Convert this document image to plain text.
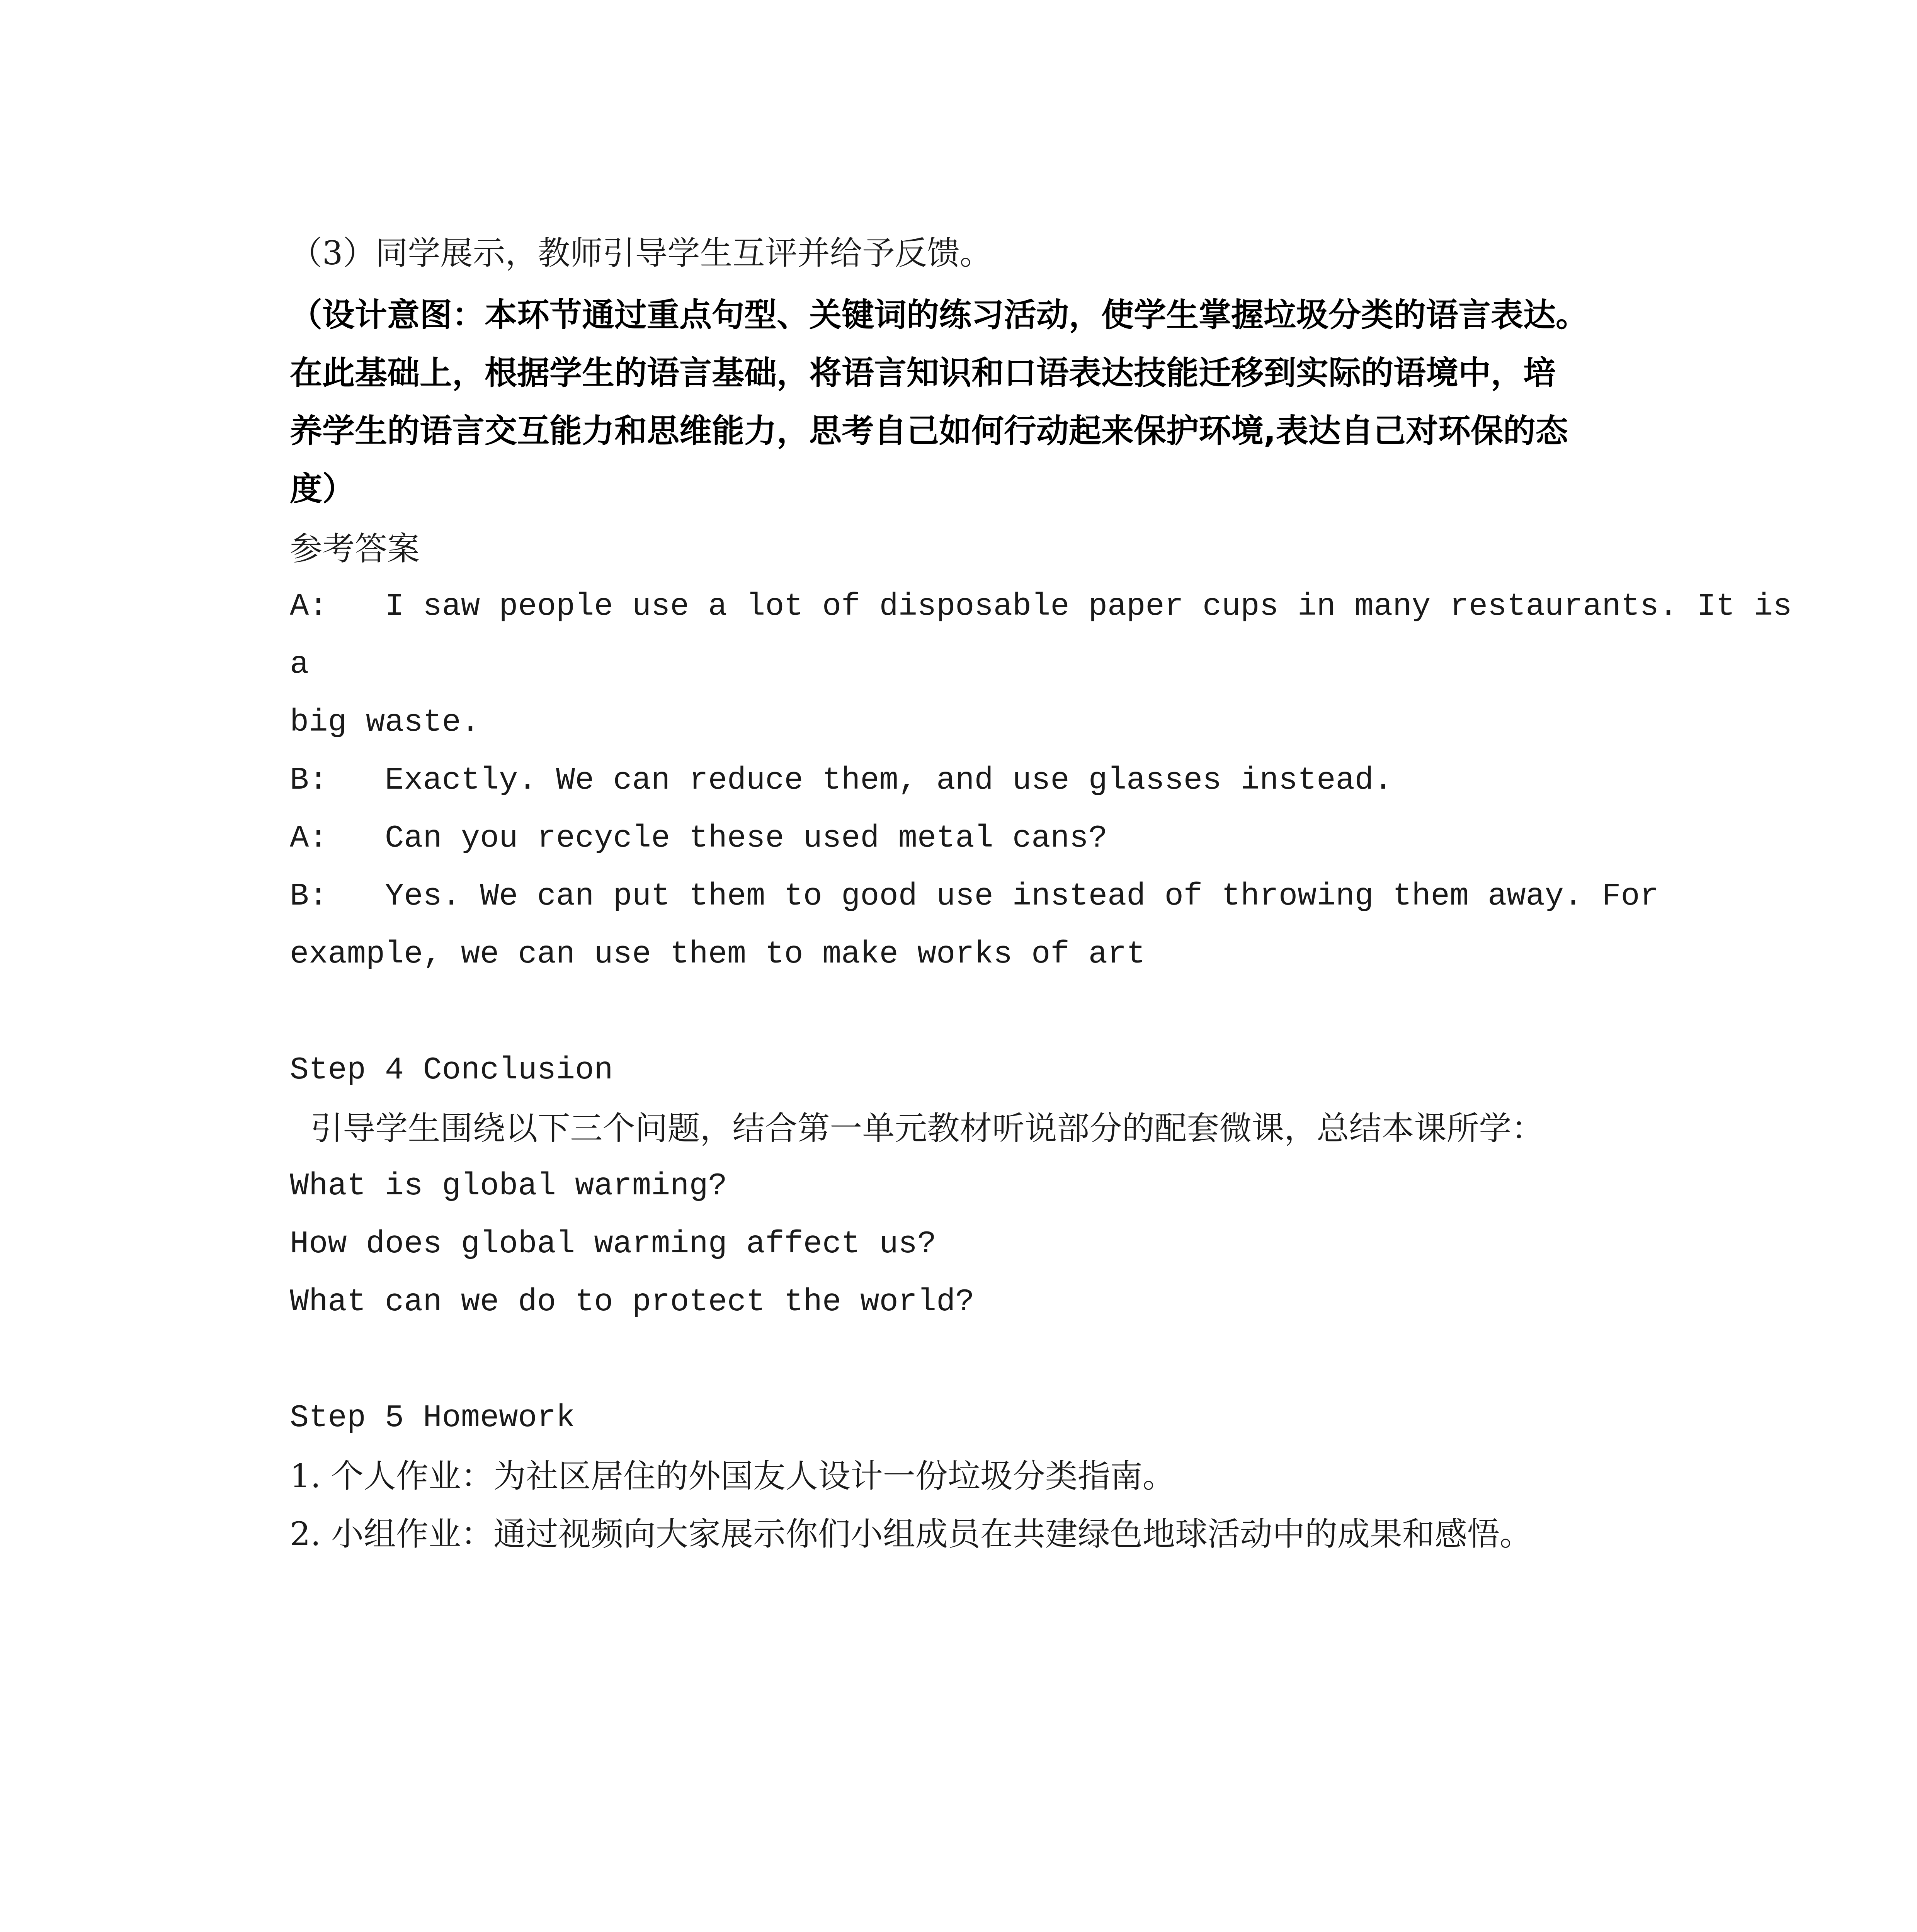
（3）同学展示，教师引导学生互评并给予反馈。
（设计意图：本环节通过重点句型、关键词的练习活动，使学生掌握垃圾分类的语言表达。
在此基础上，根据学生的语言基础，将语言知识和口语表达技能迁移到实际的语境中，培
养学生的语言交互能力和思维能力，思考自己如何行动起来保护环境,表达自己对环保的态
度）
参考答案
A:   I saw people use a lot of disposable paper cups in many restaurants. It is
a
big waste.
B:   Exactly. We can reduce them, and use glasses instead.
A:   Can you recycle these used metal cans?
B:   Yes. We can put them to good use instead of throwing them away. For
example, we can use them to make works of art
Step 4 Conclusion
引导学生围绕以下三个问题，结合第一单元教材听说部分的配套微课，总结本课所学：
What is global warming?
How does global warming affect us?
What can we do to protect the world?
Step 5 Homework
1. 个人作业：为社区居住的外国友人设计一份垃圾分类指南。
2. 小组作业：通过视频向大家展示你们小组成员在共建绿色地球活动中的成果和感悟。
